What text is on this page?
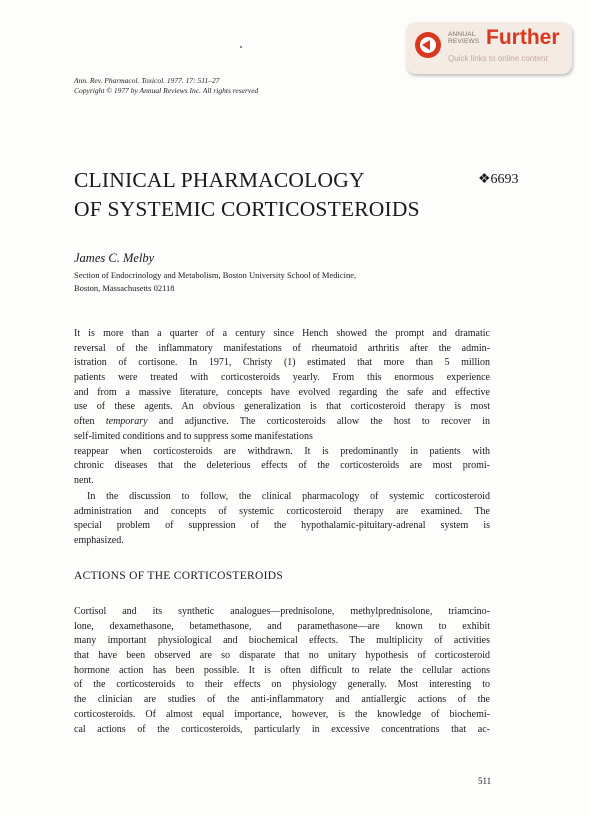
ANNUAL
REVIEWS Further
Quick links to online content
Ann. Rev. Pharmacol. Toxicol. 1977. 17: 511–27
Copyright © 1977 by Annual Reviews Inc. All rights reserved
CLINICAL PHARMACOLOGY
OF SYSTEMIC CORTICOSTEROIDS
❖6693
James C. Melby
Section of Endocrinology and Metabolism, Boston University School of Medicine,
Boston, Massachusetts 02118
It is more than a quarter of a century since Hench showed the prompt and dramatic
reversal of the inflammatory manifestations of rheumatoid arthritis after the admin-
istration of cortisone. In 1971, Christy (1) estimated that more than 5 million
patients were treated with corticosteroids yearly. From this enormous experience
and from a massive literature, concepts have evolved regarding the safe and effective
use of these agents. An obvious generalization is that corticosteroid therapy is most
often temporary and adjunctive. The corticosteroids allow the host to recover in
self-limited conditions and to suppress some manifestations
reappear when corticosteroids are withdrawn. It is predominantly in patients with
chronic diseases that the deleterious effects of the corticosteroids are most promi-
nent.
In the discussion to follow, the clinical pharmacology of systemic corticosteroid
administration and concepts of systemic corticosteroid therapy are examined. The
special problem of suppression of the hypothalamic-pituitary-adrenal system is
emphasized.
ACTIONS OF THE CORTICOSTEROIDS
Cortisol and its synthetic analogues—prednisolone, methylprednisolone, triamcino-
lone, dexamethasone, betamethasone, and paramethasone—are known to exhibit
many important physiological and biochemical effects. The multiplicity of activities
that have been observed are so disparate that no unitary hypothesis of corticosteroid
hormone action has been possible. It is often difficult to relate the cellular actions
of the corticosteroids to their effects on physiology generally. Most interesting to
the clinician are studies of the anti-inflammatory and antiallergic actions of the
corticosteroids. Of almost equal importance, however, is the knowledge of biochemi-
cal actions of the corticosteroids, particularly in excessive concentrations that ac-
511
